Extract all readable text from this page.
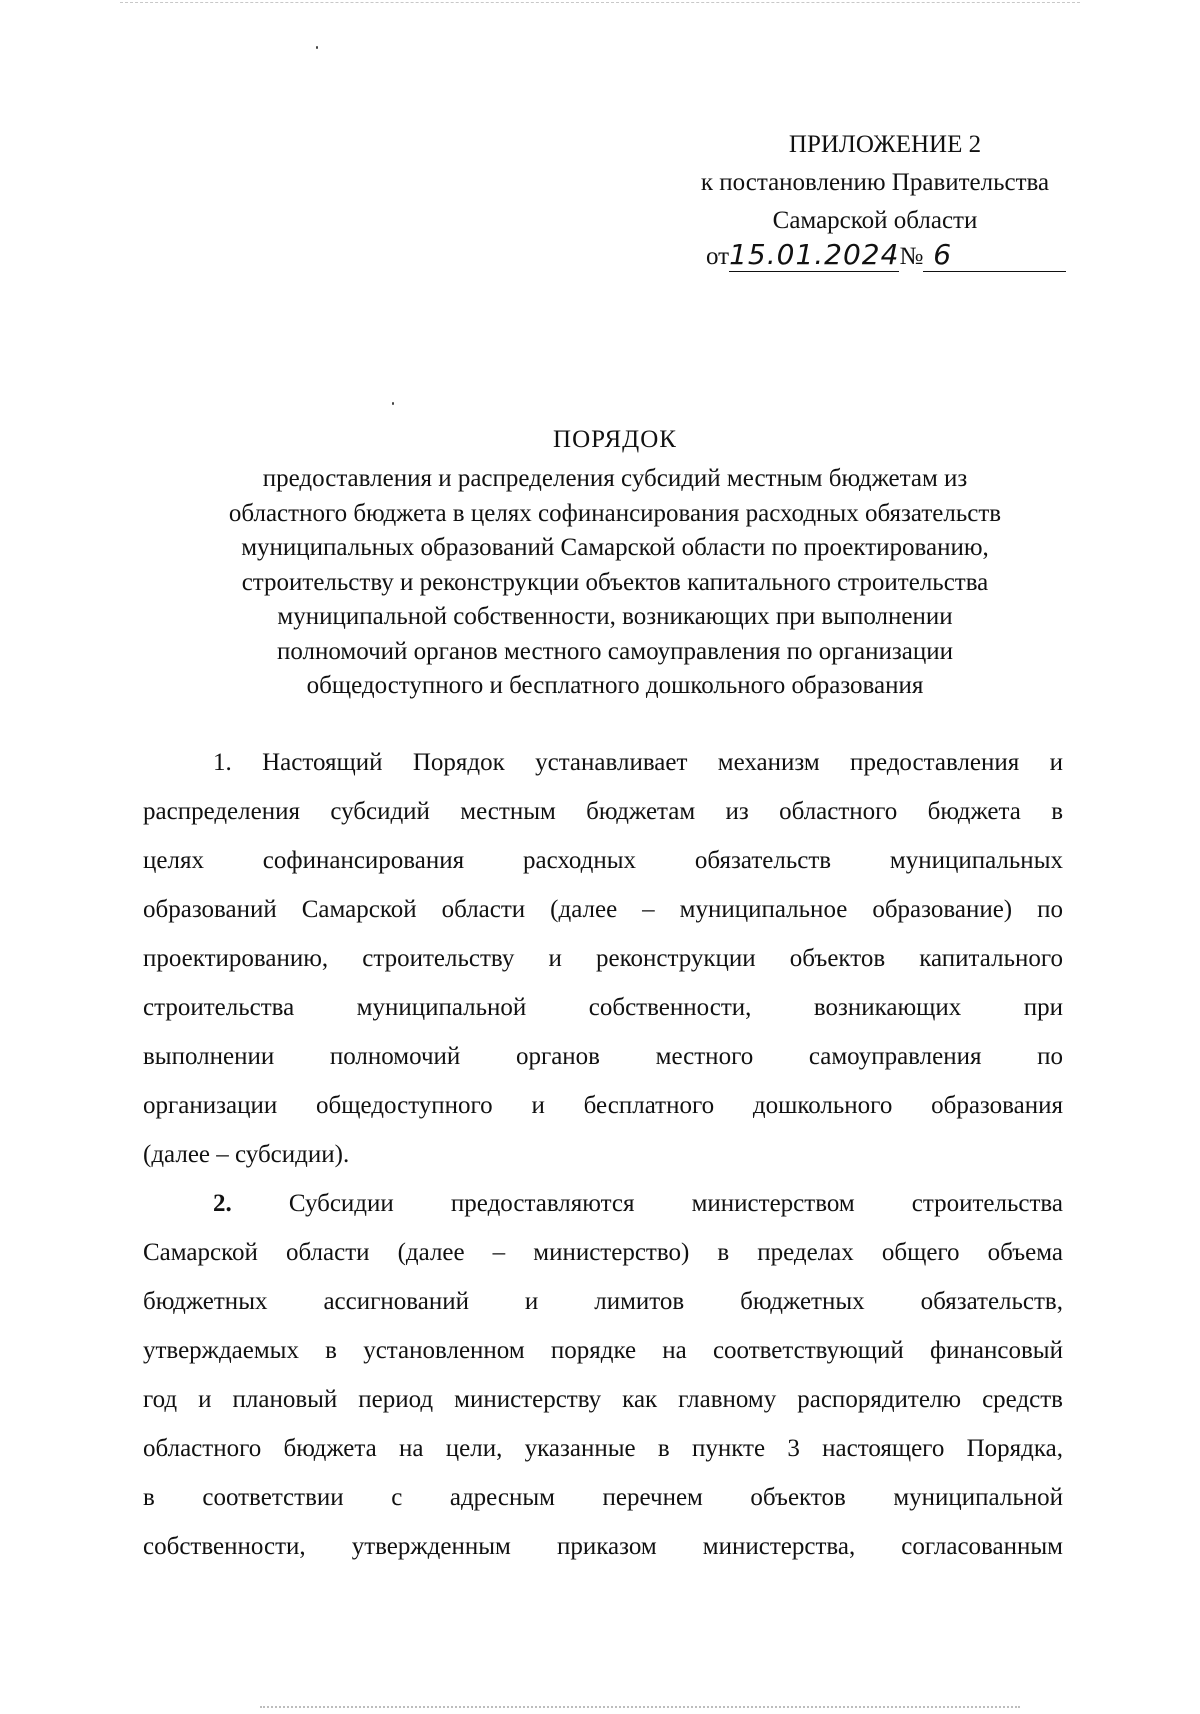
ПРИЛОЖЕНИЕ 2
к постановлению Правительства
Самарской области
от15.01.2024№ 6
ПОРЯДОК
предоставления и распределения субсидий местным бюджетам из
областного бюджета в целях софинансирования расходных обязательств
муниципальных образований Самарской области по проектированию,
строительству и реконструкции объектов капитального строительства
муниципальной собственности, возникающих при выполнении
полномочий органов местного самоуправления по организации
общедоступного и бесплатного дошкольного образования
1. Настоящий Порядок устанавливает механизм предоставления и
распределения субсидий местным бюджетам из областного бюджета в
целях софинансирования расходных обязательств муниципальных
образований Самарской области (далее – муниципальное образование) по
проектированию, строительству и реконструкции объектов капитального
строительства муниципальной собственности, возникающих при
выполнении полномочий органов местного самоуправления по
организации общедоступного и бесплатного дошкольного образования
(далее – субсидии).
2. Субсидии предоставляются министерством строительства
Самарской области (далее – министерство) в пределах общего объема
бюджетных ассигнований и лимитов бюджетных обязательств,
утверждаемых в установленном порядке на соответствующий финансовый
год и плановый период министерству как главному распорядителю средств
областного бюджета на цели, указанные в пункте 3 настоящего Порядка,
в соответствии с адресным перечнем объектов муниципальной
собственности, утвержденным приказом министерства, согласованным
